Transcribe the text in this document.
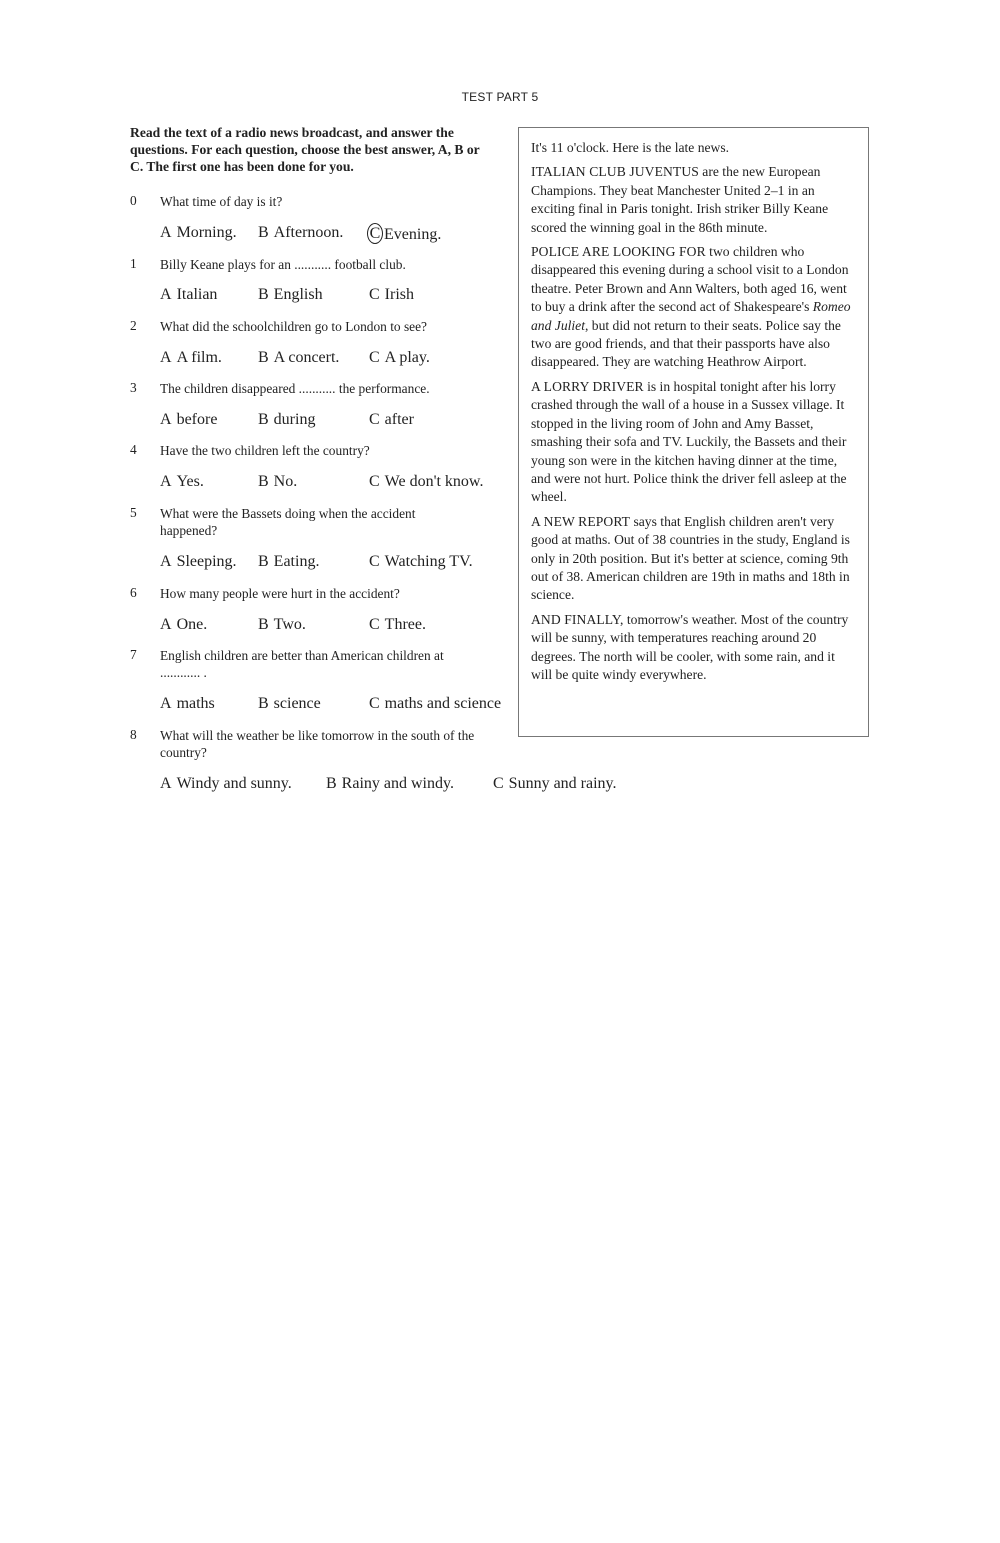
TEST PART 5
Read the text of a radio news broadcast, and answer the questions. For each question, choose the best answer, A, B or C. The first one has been done for you.
0	What time of day is it?
A Morning. B Afternoon. C Evening.
1	Billy Keane plays for an ........... football club.
A Italian	B English	C Irish
2	What did the schoolchildren go to London to see?
A A film. B A concert. C A play.
3	The children disappeared ........... the performance.
A before	B during	C after
4	Have the two children left the country?
A Yes.	B No.	C We don't know.
5	What were the Bassets doing when the accident happened?
A Sleeping. B Eating.	C Watching TV.
6	How many people were hurt in the accident?
A One.	B Two.	C Three.
7	English children are better than American children at ............ .
A maths	B science	C maths and science
8	What will the weather be like tomorrow in the south of the country?
A Windy and sunny. B Rainy and windy. C Sunny and rainy.

It's 11 o'clock. Here is the late news.

ITALIAN CLUB JUVENTUS are the new European Champions. They beat Manchester United 2–1 in an exciting final in Paris tonight. Irish striker Billy Keane scored the winning goal in the 86th minute.

POLICE ARE LOOKING FOR two children who disappeared this evening during a school visit to a London theatre. Peter Brown and Ann Walters, both aged 16, went to buy a drink after the second act of Shakespeare's Romeo and Juliet, but did not return to their seats. Police say the two are good friends, and that their passports have also disappeared. They are watching Heathrow Airport.

A LORRY DRIVER is in hospital tonight after his lorry crashed through the wall of a house in a Sussex village. It stopped in the living room of John and Amy Basset, smashing their sofa and TV. Luckily, the Bassets and their young son were in the kitchen having dinner at the time, and were not hurt. Police think the driver fell asleep at the wheel.

A NEW REPORT says that English children aren't very good at maths. Out of 38 countries in the study, England is only in 20th position. But it's better at science, coming 9th out of 38. American children are 19th in maths and 18th in science.

AND FINALLY, tomorrow's weather. Most of the country will be sunny, with temperatures reaching around 20 degrees. The north will be cooler, with some rain, and it will be quite windy everywhere.
